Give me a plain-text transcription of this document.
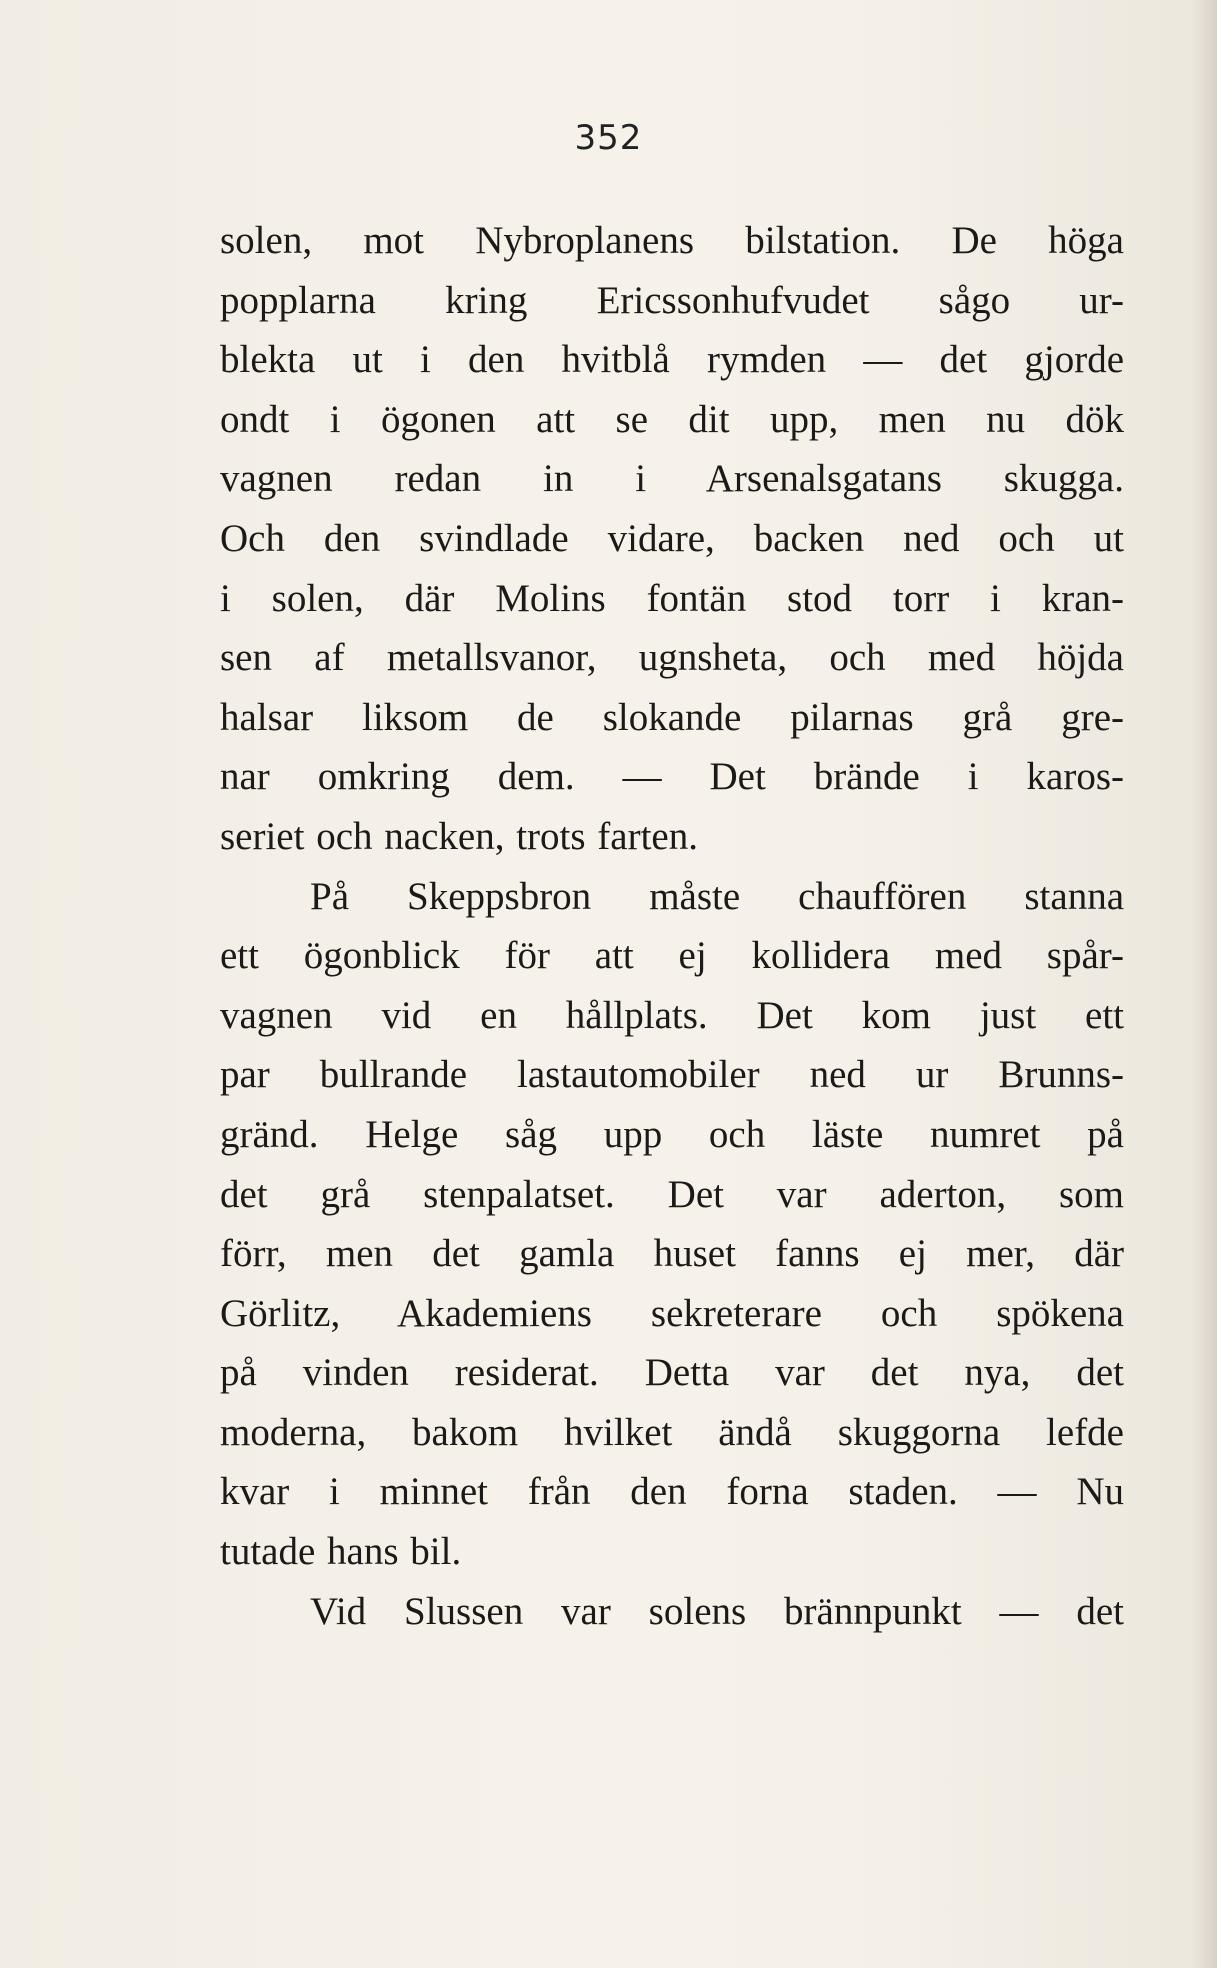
352
solen, mot Nybroplanens bilstation. De höga
popplarna kring Ericssonhufvudet sågo ur-
blekta ut i den hvitblå rymden — det gjorde
ondt i ögonen att se dit upp, men nu dök
vagnen redan in i Arsenalsgatans skugga.
Och den svindlade vidare, backen ned och ut
i solen, där Molins fontän stod torr i kran-
sen af metallsvanor, ugnsheta, och med höjda
halsar liksom de slokande pilarnas grå gre-
nar omkring dem. — Det brände i karos-
seriet och nacken, trots farten.
På Skeppsbron måste chauffören stanna
ett ögonblick för att ej kollidera med spår-
vagnen vid en hållplats. Det kom just ett
par bullrande lastautomobiler ned ur Brunns-
gränd. Helge såg upp och läste numret på
det grå stenpalatset. Det var aderton, som
förr, men det gamla huset fanns ej mer, där
Görlitz, Akademiens sekreterare och spökena
på vinden residerat. Detta var det nya, det
moderna, bakom hvilket ändå skuggorna lefde
kvar i minnet från den forna staden. — Nu
tutade hans bil.
Vid Slussen var solens brännpunkt — det
